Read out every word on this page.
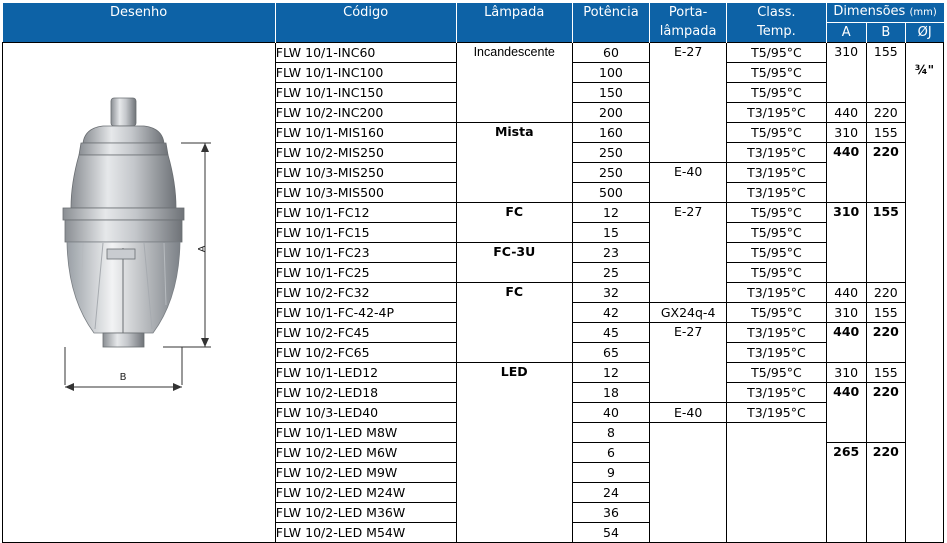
Desenho	Código	Lâmpada	Potência	Porta-	Class.	Dimensões (mm)		
				lâmpada	Temp.	A	B	ØJ

A
B	FLW 10/1-INC60	Incandescente	60	E-27	T5/95°C	310	155	¾"
	FLW 10/1-INC100		100		T5/95°C			
	FLW 10/1-INC150		150		T5/95°C			
	FLW 10/2-INC200		200		T3/195°C	440	220	
	FLW 10/1-MIS160	Mista	160		T5/95°C	310	155	
	FLW 10/2-MIS250		250		T3/195°C	440	220	
	FLW 10/3-MIS250		250	E-40	T3/195°C			
	FLW 10/3-MIS500		500		T3/195°C			
	FLW 10/1-FC12	FC	12	E-27	T5/95°C	310	155	
	FLW 10/1-FC15		15		T5/95°C			
	FLW 10/1-FC23	FC-3U	23		T5/95°C			
	FLW 10/1-FC25		25		T5/95°C			
	FLW 10/2-FC32	FC	32		T3/195°C	440	220	
	FLW 10/1-FC-42-4P		42	GX24q-4	T5/95°C	310	155	
	FLW 10/2-FC45		45	E-27	T3/195°C	440	220	
	FLW 10/2-FC65		65		T3/195°C			
	FLW 10/1-LED12	LED	12		T5/95°C	310	155	
	FLW 10/2-LED18		18		T3/195°C	440	220	
	FLW 10/3-LED40		40	E-40	T3/195°C			
	FLW 10/1-LED M8W		8					
	FLW 10/2-LED M6W		6			265	220	
	FLW 10/2-LED M9W		9					
	FLW 10/2-LED M24W		24					
	FLW 10/2-LED M36W		36					
	FLW 10/2-LED M54W		54					
